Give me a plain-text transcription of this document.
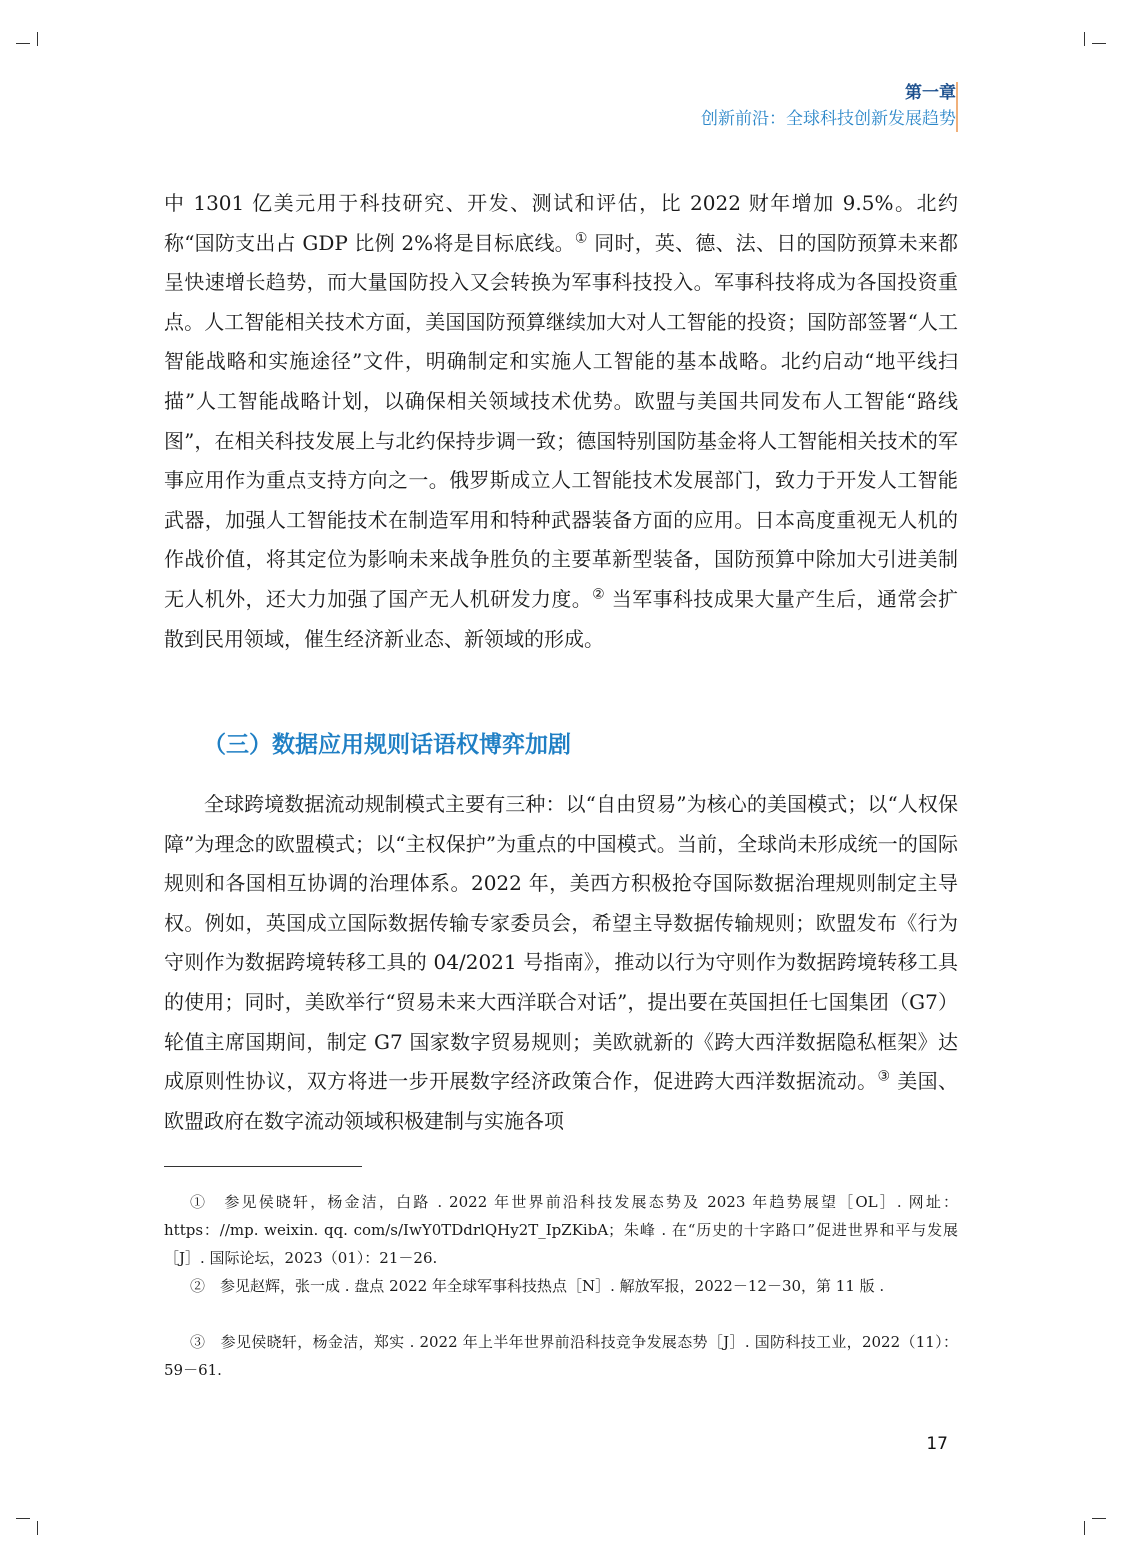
第一章
创新前沿：全球科技创新发展趋势

中 1301 亿美元用于科技研究、开发、测试和评估，比 2022 财年增加 9.5%。北约称“国防支出占 GDP 比例 2%将是目标底线。① 同时，英、德、法、日的国防预算未来都呈快速增长趋势，而大量国防投入又会转换为军事科技投入。军事科技将成为各国投资重点。人工智能相关技术方面，美国国防预算继续加大对人工智能的投资；国防部签署“人工智能战略和实施途径”文件，明确制定和实施人工智能的基本战略。北约启动“地平线扫描”人工智能战略计划，以确保相关领域技术优势。欧盟与美国共同发布人工智能“路线图”，在相关科技发展上与北约保持步调一致；德国特别国防基金将人工智能相关技术的军事应用作为重点支持方向之一。俄罗斯成立人工智能技术发展部门，致力于开发人工智能武器，加强人工智能技术在制造军用和特种武器装备方面的应用。日本高度重视无人机的作战价值，将其定位为影响未来战争胜负的主要革新型装备，国防预算中除加大引进美制无人机外，还大力加强了国产无人机研发力度。② 当军事科技成果大量产生后，通常会扩散到民用领域，催生经济新业态、新领域的形成。

（三）数据应用规则话语权博弈加剧

全球跨境数据流动规制模式主要有三种：以“自由贸易”为核心的美国模式；以“人权保障”为理念的欧盟模式；以“主权保护”为重点的中国模式。当前，全球尚未形成统一的国际规则和各国相互协调的治理体系。2022 年，美西方积极抢夺国际数据治理规则制定主导权。例如，英国成立国际数据传输专家委员会，希望主导数据传输规则；欧盟发布《行为守则作为数据跨境转移工具的 04/2021 号指南》，推动以行为守则作为数据跨境转移工具的使用；同时，美欧举行“贸易未来大西洋联合对话”，提出要在英国担任七国集团（G7）轮值主席国期间，制定 G7 国家数字贸易规则；美欧就新的《跨大西洋数据隐私框架》达成原则性协议，双方将进一步开展数字经济政策合作，促进跨大西洋数据流动。③ 美国、欧盟政府在数字流动领域积极建制与实施各项

①　参见侯晓轩，杨金洁，白路 . 2022 年世界前沿科技发展态势及 2023 年趋势展望［OL］. 网址：https：//mp. weixin. qq. com/s/IwY0TDdrlQHy2T_IpZKibA；朱峰 . 在“历史的十字路口”促进世界和平与发展［J］. 国际论坛，2023（01）：21－26.

②　参见赵辉，张一成 . 盘点 2022 年全球军事科技热点［N］. 解放军报，2022－12－30，第 11 版 .

③　参见侯晓轩，杨金洁，郑实 . 2022 年上半年世界前沿科技竞争发展态势［J］. 国防科技工业，2022（11）：59－61.

17
